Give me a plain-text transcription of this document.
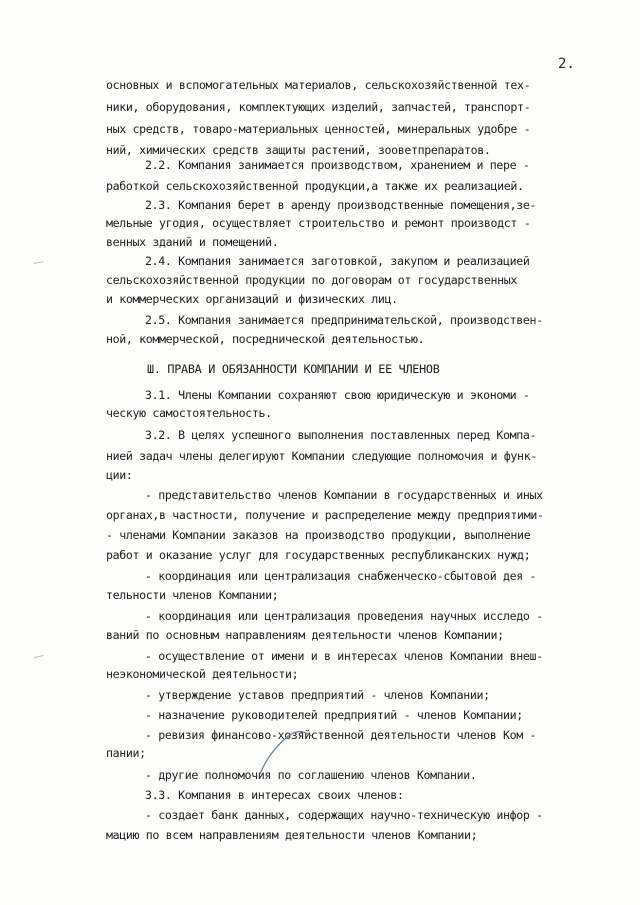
2.
основных и вспомогательных материалов, сельскохозяйственной тех-
ники, оборудования, комплектующих изделий, запчастей, транспорт-
ных средств, товаро-материальных ценностей, минеральных удобре -
ний, химических средств защиты растений, зооветпрепаратов.
2.2. Компания занимается производством, хранением и пере -
работкой сельскохозяйственной продукции,а также их реализацией.
2.3. Компания берет в аренду производственные помещения,зе-
мельные угодия, осуществляет строительство и ремонт производст -
венных зданий и помещений.
2.4. Компания занимается заготовкой, закупом и реализацией
сельскохозяйственной продукции по договорам от государственных
и коммерческих организаций и физических лиц.
2.5. Компания занимается предпринимательской, производствен-
ной, коммерческой, посреднической деятельностью.
Ш. ПРАВА И ОБЯЗАННОСТИ КОМПАНИИ И ЕЕ ЧЛЕНОВ
3.1. Члены Компании сохраняют свою юридическую и экономи -
ческую самостоятельность.
3.2. В целях успешного выполнения поставленных перед Компа-
нией задач члены делегируют Компании следующие полномочия и функ-
ции:
- представительство членов Компании в государственных и иных
органах,в частности, получение и распределение между предприятими-
- членами Компании заказов на производство продукции, выполнение
работ и оказание услуг для государственных республиканских нужд;
- координация или централизация снабженческо-сбытовой дея -
тельности членов Компании;
- координация или централизация проведения научных исследо -
ваний по основным направлениям деятельности членов Компании;
- осуществление от имени и в интересах членов Компании внеш-
неэкономической деятельности;
- утверждение уставов предприятий - членов Компании;
- назначение руководителей предприятий - членов Компании;
- ревизия финансово-хозяйственной деятельности членов Ком -
пании;
- другие полномочия по соглашению членов Компании.
3.3. Компания в интересах своих членов:
- создает банк данных, содержащих научно-техническую инфор -
мацию по всем направлениям деятельности членов Компании;
